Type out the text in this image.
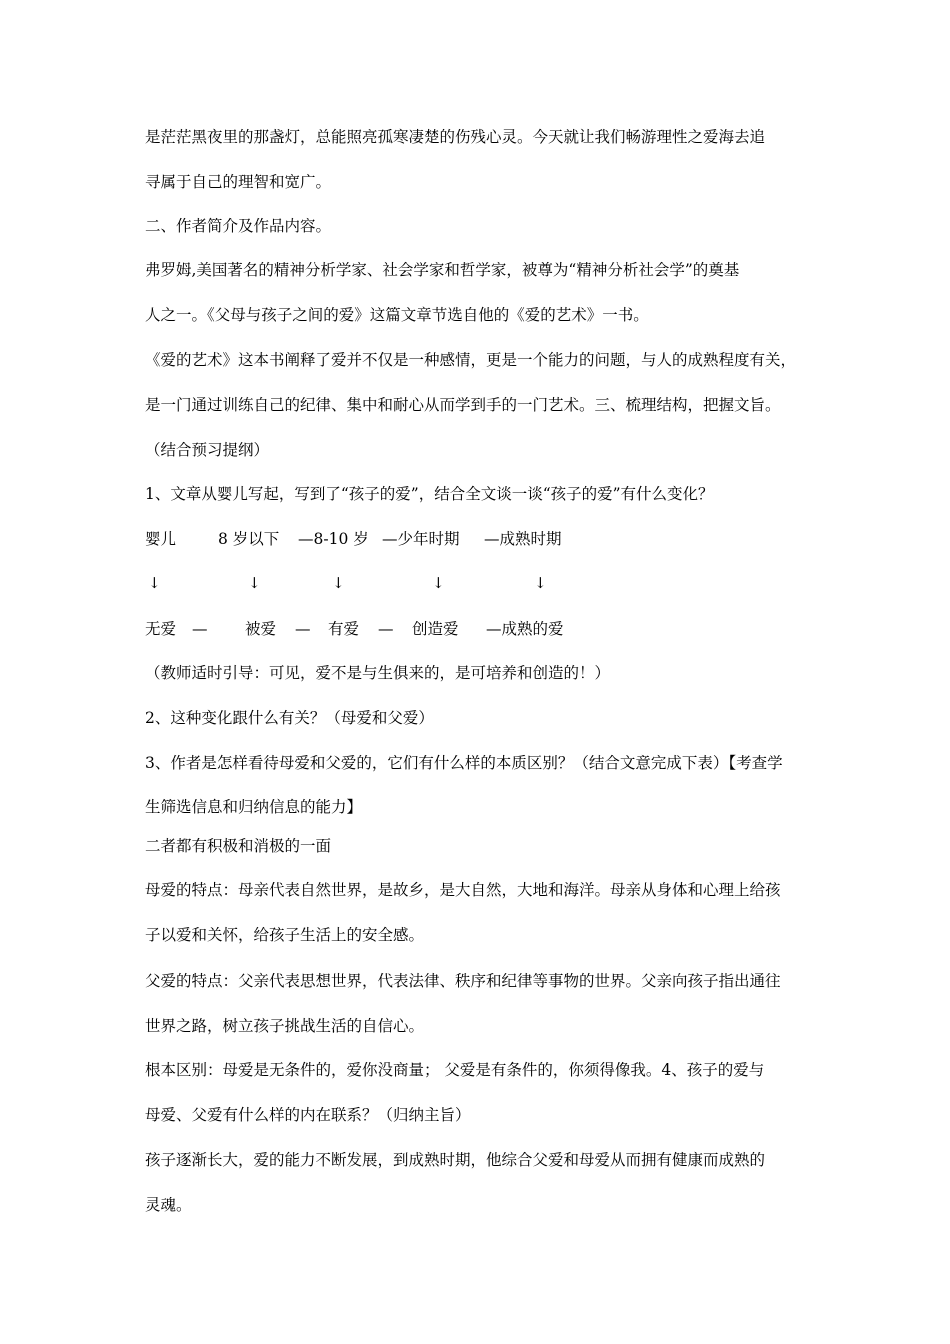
是茫茫黑夜里的那盏灯，总能照亮孤寒凄楚的伤残心灵。今天就让我们畅游理性之爱海去追
寻属于自己的理智和宽广。
二、作者简介及作品内容。
弗罗姆,美国著名的精神分析学家、社会学家和哲学家，被尊为“精神分析社会学”的奠基
人之一。《父母与孩子之间的爱》这篇文章节选自他的《爱的艺术》一书。
《爱的艺术》这本书阐释了爱并不仅是一种感情，更是一个能力的问题，与人的成熟程度有关，
是一门通过训练自己的纪律、集中和耐心从而学到手的一门艺术。三、梳理结构，把握文旨。
（结合预习提纲）
1、文章从婴儿写起，写到了“孩子的爱”，结合全文谈一谈“孩子的爱”有什么变化？
婴儿	8 岁以下 —8-10 岁 —少年时期 —成熟时期
↓	↓	↓	↓	↓
无爱 — 被爱 — 有爱 — 创造爱 —成熟的爱
（教师适时引导：可见，爱不是与生俱来的，是可培养和创造的！）
2、这种变化跟什么有关？（母爱和父爱）
3、作者是怎样看待母爱和父爱的，它们有什么样的本质区别？（结合文意完成下表）【考查学
生筛选信息和归纳信息的能力】
二者都有积极和消极的一面
母爱的特点：母亲代表自然世界，是故乡，是大自然，大地和海洋。母亲从身体和心理上给孩
子以爱和关怀，给孩子生活上的安全感。
父爱的特点：父亲代表思想世界，代表法律、秩序和纪律等事物的世界。父亲向孩子指出通往
世界之路，树立孩子挑战生活的自信心。
根本区别：母爱是无条件的，爱你没商量； 父爱是有条件的，你须得像我。4、孩子的爱与
母爱、父爱有什么样的内在联系？（归纳主旨）
孩子逐渐长大，爱的能力不断发展，到成熟时期，他综合父爱和母爱从而拥有健康而成熟的
灵魂。
